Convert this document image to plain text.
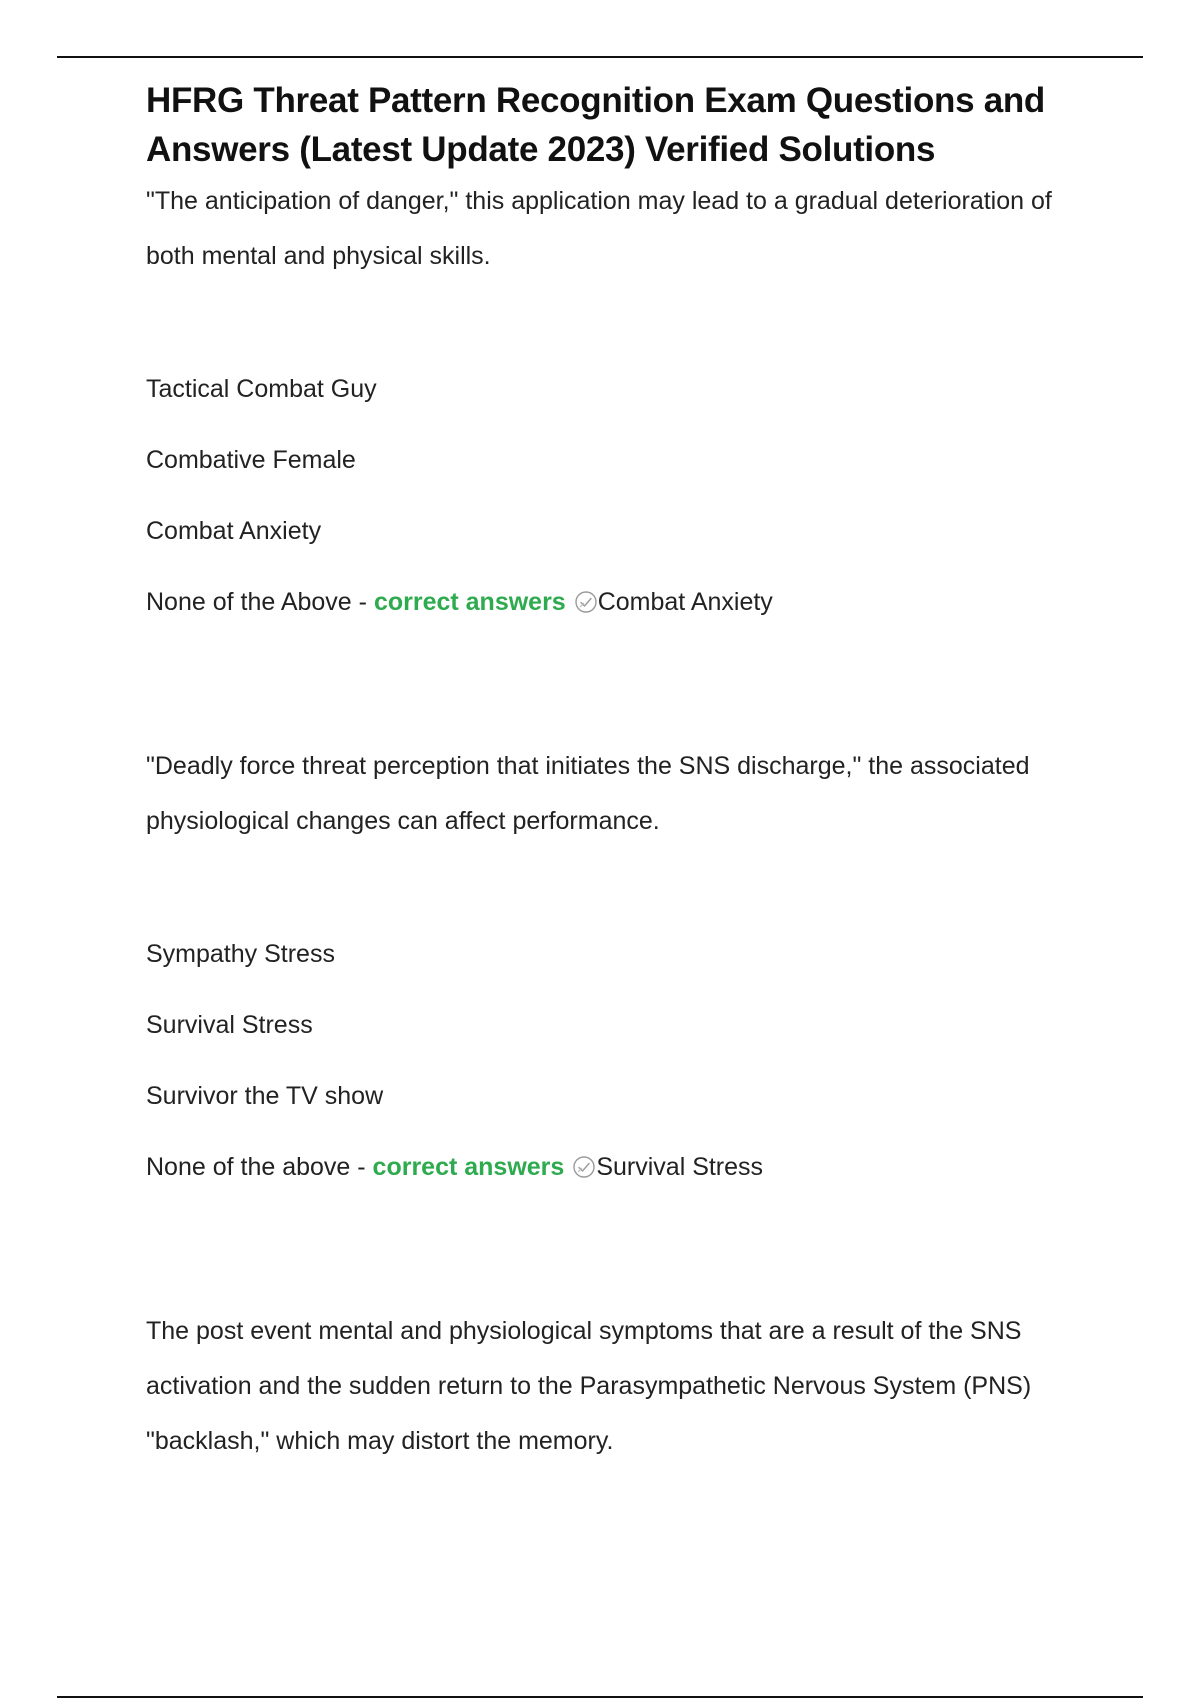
HFRG Threat Pattern Recognition Exam Questions and Answers (Latest Update 2023) Verified Solutions

"The anticipation of danger," this application may lead to a gradual deterioration of both mental and physical skills.

Tactical Combat Guy

Combative Female

Combat Anxiety

None of the Above - correct answers Combat Anxiety

"Deadly force threat perception that initiates the SNS discharge," the associated physiological changes can affect performance.

Sympathy Stress

Survival Stress

Survivor the TV show

None of the above - correct answers Survival Stress

The post event mental and physiological symptoms that are a result of the SNS activation and the sudden return to the Parasympathetic Nervous System (PNS) "backlash," which may distort the memory.
